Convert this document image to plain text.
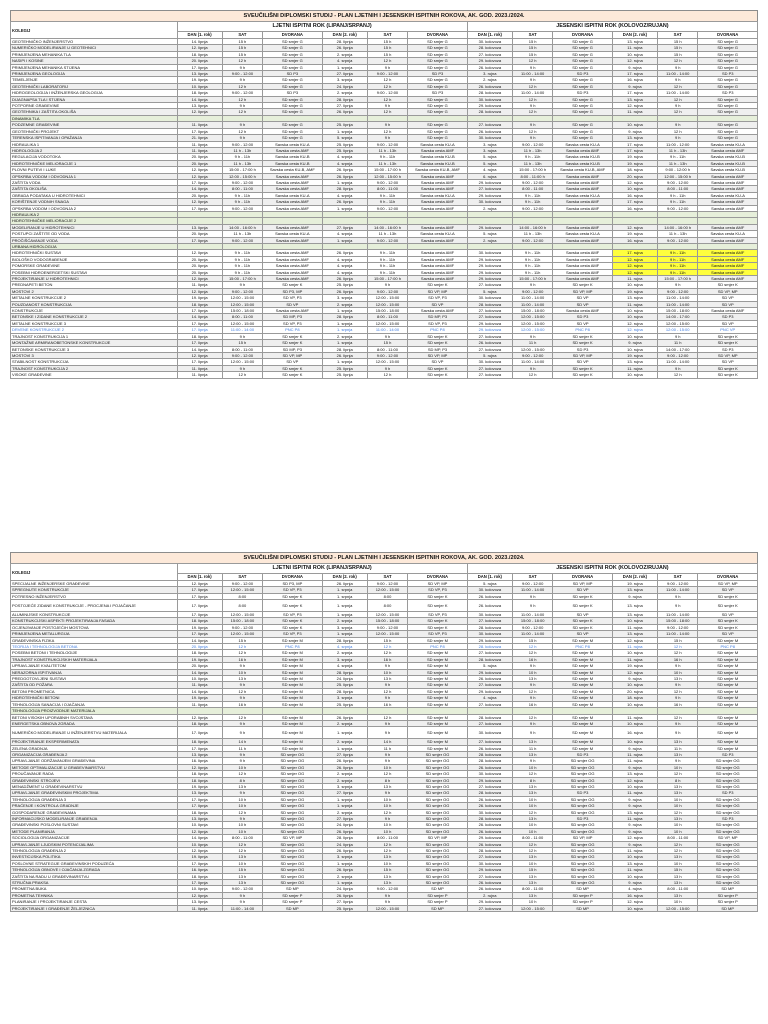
SVEUČILIŠNI DIPLOMSKI STUDIJ - PLAN LJETNIH I JESENSKIH ISPITNIH ROKOVA, AK. GOD. 2023./2024.
KOLEGIJ	LJETNI ISPITNI ROK (LIPANJ/SRPANJ)						JESENSKI ISPITNI ROK (KOLOVOZ/RUJAN)					
	DAN (1. rok)	SAT	DVORANA	DAN (2. rok)	SAT	DVORANA	DAN (1. rok)	SAT	DVORANA	DAN (2. rok)	SAT	DVORANA
GEOTEHNIČKO INŽENJERSTVO	14. lipnja	15 h	SD smjer G	28. lipnja	15 h	SD smjer G	30. kolovoza	15 h	SD smjer G	13. rujna	15 h	SD smjer G
NUMERIČKO MODELIRANJE U GEOTEHNICI	12. lipnja	15 h	SD smjer G	26. lipnja	15 h	SD smjer G	28. kolovoza	15 h	SD smjer G	11. rujna	15 h	SD smjer G
PRIMIJENJENA MEHANIKA TLA	18. lipnja	15 h	SD smjer G	2. srpnja	15 h	SD smjer G	27. kolovoza	15 h	SD smjer G	10. rujna	15 h	SD smjer G
NASIPI I KOSINE	20. lipnja	12 h	SD smjer G	4. srpnja	12 h	SD smjer G	29. kolovoza	12 h	SD smjer G	12. rujna	12 h	SD smjer G
PRIMIJENJENA MEHANIKA STIJENA	17. lipnja	9 h	SD smjer G	1. srpnja	9 h	SD smjer G	26. kolovoza	9 h	SD smjer G	9. rujna	9 h	SD smjer G
PRIMIJENJENA GEOLOGIJA	13. lipnja	9:00 - 12:00	SD P3	27. lipnja	9:00 - 12:00	SD P3	3. rujna	11:00 - 14:00	SD P3	17. rujna	11:00 - 14:00	SD P3
TEMELJENJE	19. lipnja	9 h	SD smjer G	3. srpnja	12 h	SD smjer G	2. rujna	9 h	SD smjer G	16. rujna	9 h	SD smjer G
GEOTEHNIČKI LABORATORIJ	10. lipnja	12 h	SD smjer G	24. lipnja	12 h	SD smjer G	26. kolovoza	12 h	SD smjer G	9. rujna	12 h	SD smjer G
HIDROGEOLOGIJA I INŽENJERSKA GEOLOGIJA	18. lipnja	9:00 - 12:00	SD P3	2. srpnja	9:00 - 12:00	SD P3	28. kolovoza	11:00 - 14:00	SD P3	17. rujna	11:00 - 14:00	SD P3
DIJAGNAPSA TLA I STIJENA	14. lipnja	12 h	SD smjer G	28. lipnja	12 h	SD smjer G	30. kolovoza	12 h	SD smjer G	13. rujna	12 h	SD smjer G
POTPORNE GRAĐEVINE	13. lipnja	9 h	SD smjer G	27. lipnja	9 h	SD smjer G	29. kolovoza	9 h	SD smjer G	12. rujna	9 h	SD smjer G
GEOTEHNIKA I ZAŠTITA OKOLIŠA	12. lipnja	12 h	SD smjer G	26. lipnja	12 h	SD smjer G	28. kolovoza	12 h	SD smjer G	11. rujna	12 h	SD smjer G
DINAMIKA TLA												
PODZEMNE GRAĐEVINE	11. lipnja	9 h	SD smjer G	25. lipnja	9 h	SD smjer G	27. kolovoza	9 h	SD smjer G	10. rujna	9 h	SD smjer G
GEOTEHNIČKI PROJEKT	17. lipnja	12 h	SD smjer G	1. srpnja	12 h	SD smjer G	26. kolovoza	12 h	SD smjer G	9. rujna	12 h	SD smjer G
TERENSKA ISPITIVANJA I OPAŽANJA	21. lipnja	9 h	SD smjer G	5. srpnja	9 h	SD smjer G	30. kolovoza	9 h	SD smjer G	13. rujna	9 h	SD smjer G
HIDRAULIKA 1	11. lipnja	9:00 - 12:00	Savska cesta KU-A	25. lipnja	9:00 - 12:00	Savska cesta KU-A	3. rujna	9:00 - 12:00	Savska cesta KU-A	17. rujna	11:00 - 12:00	Savska cesta KU-A
HIDROLOGIJA 2	11. lipnja	11 h - 13h	Savska cesta AMF	25. lipnja	11 h - 13h	Savska cesta AMF	3. rujna	11 h - 13h	Savska cesta AMF	17. rujna	11 h - 13h	Savska cesta AMF
REGULACIJA VODOTOKA	20. lipnja	9 h - 11h	Savska cesta KU-B	4. srpnja	9 h - 11h	Savska cesta KU-B	5. rujna	9 h - 11h	Savska cesta KU-B	19. rujna	9 h - 11h	Savska cesta KU-B
HIDROTEHNIČKE MELIORACIJE 1	20. lipnja	11 h - 13h	Savska cesta KU-B	4. srpnja	11 h - 13h	Savska cesta KU-B	5. rujna	11 h - 13h	Savska cesta KU-B	19. rujna	11 h - 13h	Savska cesta KU-B
PLOVNI PUTEVI I LUKE	12. lipnja	15:00 - 17:00 h	Savska cesta KU-B, AMF	26. lipnja	15:00 - 17:00 h	Savska cesta KU-B, AMF	4. rujna	15:00 - 17:00 h	Savska cesta KU-B, AMF	18. rujna	9:00 - 12:00 h	Savska cesta KU-B
OPSKRBA VODOM I ODVODNJA 1	12. lipnja	12:00 - 15:00 h	Savska cesta AMF	26. lipnja	12:00 - 15:00 h	Savska cesta AMF	6. rujna	8:00 - 11:00 h	Savska cesta AMF	20. rujna	12:00 - 15:00 h	Savska cesta AMF
ZAŠTITA VODA	17. lipnja	9:00 - 12:00	Savska cesta AMF	1. srpnja	9:00 - 12:00	Savska cesta AMF	29. kolovoza	9:00 - 12:00	Savska cesta AMF	12. rujna	9:00 - 12:00	Savska cesta AMF
ZAŠTITA OKOLIŠA	14. lipnja	8:00 - 11:00	Savska cesta AMF	28. lipnja	8:00 - 11:00	Savska cesta AMF	27. kolovoza	8:00 - 11:00	Savska cesta AMF	10. rujna	8:00 - 11:00	Savska cesta AMF
OBRADA PODATAKA U HIDROTEHNICI	20. lipnja	9 h - 11h	Savska cesta KU-A	4. srpnja	9 h - 11h	Savska cesta KU-A	29. kolovoza	9 h - 11h	Savska cesta KU-A	16. rujna	9 h - 11h	Savska cesta KU-A
KORIŠTENJE VODNIH SNAGA	12. lipnja	9 h - 11h	Savska cesta AMF	26. lipnja	9 h - 11h	Savska cesta AMF	30. kolovoza	9 h - 11h	Savska cesta AMF	17. rujna	9 h - 11h	Savska cesta AMF
OPSKRBA VODOM I ODVODNJA 2	17. lipnja	9:00 - 12:00	Savska cesta AMF	1. srpnja	9:00 - 12:00	Savska cesta AMF	2. rujna	9:00 - 12:00	Savska cesta AMF	16. rujna	9:00 - 12:00	Savska cesta AMF
HIDRAULIKA 2												
HIDROTEHNIČKE MELIORACIJE 2												
MODELIRANJE U HIDROTEHNICI	13. lipnja	14:00 - 16:00 h	Savska cesta AMF	27. lipnja	14:00 - 16:00 h	Savska cesta AMF	29. kolovoza	14:00 - 16:00 h	Savska cesta AMF	12. rujna	14:00 - 16:00 h	Savska cesta AMF
POSTUPCI ZAŠTITE OD VODA	20. lipnja	11 h - 13h	Savska cesta KU-A	4. srpnja	11 h - 13h	Savska cesta KU-A	5. rujna	11 h - 13h	Savska cesta KU-A	19. rujna	11 h - 13h	Savska cesta KU-A
PROČIŠĆAVANJE VODA	17. lipnja	9:00 - 12:00	Savska cesta AMF	1. srpnja	9:00 - 12:00	Savska cesta AMF	2. rujna	9:00 - 12:00	Savska cesta AMF	16. rujna	9:00 - 12:00	Savska cesta AMF
URBANA HIDROLOGIJA												
HIDROTEHNIČKI SUSTAVI	12. lipnja	9 h - 11h	Savska cesta AMF	26. lipnja	9 h - 11h	Savska cesta AMF	30. kolovoza	9 h - 11h	Savska cesta AMF	17. rujna	9 h - 11h	Savska cesta AMF
BIOLOŠKO VODOGRAĐENJE	20. lipnja	9 h - 11h	Savska cesta AMF	4. srpnja	9 h - 11h	Savska cesta AMF	29. kolovoza	9 h - 11h	Savska cesta AMF	12. rujna	9 h - 11h	Savska cesta AMF
POMORSKE GRAĐEVINE	20. lipnja	9 h - 11h	Savska cesta AMF	4. srpnja	9 h - 11h	Savska cesta AMF	29. kolovoza	9 h - 11h	Savska cesta AMF	12. rujna	9 h - 11h	Savska cesta AMF
POSEBNI HIDROENERGETSKI SUSTAVI	20. lipnja	9 h - 11h	Savska cesta AMF	4. srpnja	9 h - 11h	Savska cesta AMF	29. kolovoza	9 h - 11h	Savska cesta AMF	12. rujna	9 h - 11h	Savska cesta AMF
PROJEKTIRANJE U HIDROTEHNICI	12. lipnja	15:00 - 17:00 h	Savska cesta AMF	26. lipnja	15:00 - 17:00 h	Savska cesta AMF	29. kolovoza	15:00 - 17:00 h	Savska cesta AMF	11. rujna	15:00 - 17:00 h	Savska cesta AMF
PREDNAPETI BETON	11. lipnja	9 h	SD smjer K	25. lipnja	9 h	SD smjer K	27. kolovoza	9 h	SD smjer K	10. rujna	9 h	SD smjer K
MOSTOVI 2	12. lipnja	9:00 - 12:00	SD P3, MP	26. lipnja	9:00 - 12:00	SD VP, MP	5. rujna	9:00 - 12:00	SD VP, MP	19. rujna	9:00 - 12:00	SD VP, MP
METALNE KONSTRUKCIJE 2	19. lipnja	12:00 - 15:00	SD VP, P3	3. srpnja	12:00 - 15:00	SD VP, P3	30. kolovoza	11:00 - 14:00	SD VP	13. rujna	11:00 - 14:00	SD VP
POUZDANOST KONSTRUKCIJA	18. lipnja	12:00 - 15:00	SD VP	2. srpnja	12:00 - 15:00	SD VP	28. kolovoza	11:00 - 14:00	SD VP	11. rujna	11:00 - 14:00	SD VP
KONSTRUKCIJE	17. lipnja	15:00 - 18:00	Savska cesta AMF	1. srpnja	15:00 - 18:00	Savska cesta AMF	27. kolovoza	15:00 - 18:00	Savska cesta AMF	10. rujna	15:00 - 18:00	Savska cesta AMF
BETONSKE I ZIDANE KONSTRUKCIJE 2	14. lipnja	8:00 - 11:00	SD MP, P3	28. lipnja	8:00 - 11:00	SD MP, P3	27. kolovoza	12:00 - 15:00	SD P3	10. rujna	14:00 - 17:00	SD P3
METALNE KONSTRUKCIJE 3	17. lipnja	12:00 - 15:00	SD VP, P3	1. srpnja	12:00 - 15:00	SD VP, P3	29. kolovoza	12:00 - 15:00	SD VP	12. rujna	12:00 - 15:00	SD VP
DRVENE KONSTRUKCIJE 2	17. lipnja	11:00 - 14:00	PNC P8	1. srpnja	11:00 - 14:00	PNC P8	29. kolovoza	12:00 - 15:00	PNC P8	12. rujna	12:00 - 15:00	PNC VP
TRAJNOST KONSTRUKCIJA 1	18. lipnja	9 h	SD smjer K	2. srpnja	9 h	SD smjer K	27. kolovoza	9 h	SD smjer K	10. rujna	9 h	SD smjer K
MONTAŽNE ARMIRANOBETONSKE KONSTRUKCIJE	17. lipnja	15 h	SD smjer K	1. srpnja	15 h	SD smjer K	26. kolovoza	11 h	SD smjer K	9. rujna	11 h	SD smjer K
BETONSKE KONSTRUKCIJE 3	14. lipnja	8:00 - 11:00	SD MP, P3	28. lipnja	8:00 - 11:00	SD MP, P3	27. kolovoza	12:00 - 15:00	SD P3	10. rujna	14:00 - 17:00	SD P3
MOSTOVI 3	12. lipnja	9:00 - 12:00	SD VP, MP	26. lipnja	9:00 - 12:00	SD VP, MP	5. rujna	9:00 - 12:00	SD VP, MP	19. rujna	9:00 - 12:00	SD VP, MP
STABILNOST KONSTRUKCIJA	17. lipnja	12:00 - 15:00	SD VP	1. srpnja	12:00 - 15:00	SD VP	30. kolovoza	11:00 - 14:00	SD VP	13. rujna	11:00 - 14:00	SD VP
TRAJNOST KONSTRUKCIJA 2	11. lipnja	9 h	SD smjer K	25. lipnja	9 h	SD smjer K	27. kolovoza	9 h	SD smjer K	11. rujna	9 h	SD smjer K
VISOKE GRAĐEVINE	11. lipnja	12 h	SD smjer K	25. lipnja	12 h	SD smjer K	27. kolovoza	12 h	SD smjer K	10. rujna	12 h	SD smjer K
SVEUČILIŠNI DIPLOMSKI STUDIJ - PLAN LJETNIH I JESENSKIH ISPITNIH ROKOVA, AK. GOD. 2023./2024.
KOLEGIJ	LJETNI ISPITNI ROK (LIPANJ/SRPANJ)						JESENSKI ISPITNI ROK (KOLOVOZ/RUJAN)					
	DAN (1. rok)	SAT	DVORANA	DAN (2. rok)	SAT	DVORANA	DAN (1. rok)	SAT	DVORANA	DAN (2. rok)	SAT	DVORANA
SPECIJALNE INŽENJERSKE GRAĐEVINE	12. lipnja	9:00 - 12:00	SD P3, MP	26. lipnja	9:00 - 12:00	SD VP, MP	5. rujna	9:00 - 12:00	SD VP, MP	19. rujna	9:00 - 12:00	SD VP, MP
SPREGNUTE KONSTRUKCIJE	17. lipnja	12:00 - 15:00	SD VP, P3	1. srpnja	12:00 - 15:00	SD VP, P3	30. kolovoza	11:00 - 14:00	SD VP	13. rujna	11:00 - 14:00	SD VP
POTRESNO INŽENJERSTVO	17. lipnja	8:00	SD smjer K	1. srpnja	8:00	SD smjer K	26. kolovoza	9 h	SD smjer K	9. rujna	9 h	SD smjer K
POSTOJEĆE ZIDANE KONSTRUKCIJE - PROCJENA I POJAČANJE	17. lipnja	8:00	SD smjer K	1. srpnja	8:00	SD smjer K	26. kolovoza	9 h	SD smjer K	13. rujna	9 h	SD smjer K
ALUMINIJSKE KONSTRUKCIJE	17. lipnja	12:00 - 15:00	SD VP, P3	1. srpnja	12:00 - 15:00	SD VP, P3	30. kolovoza	11:00 - 14:00	SD VP	13. rujna	11:00 - 14:00	SD VP
KONSTRUKCIJSKI ASPEKTI PROJEKTIRANJA FASADA	18. lipnja	15:00 - 18:00	SD smjer K	2. srpnja	15:00 - 18:00	SD smjer K	27. kolovoza	15:00 - 18:00	SD smjer K	10. rujna	15:00 - 18:00	SD smjer K
OCJENJIVANJE POSTOJEĆIH MOSTOVA	19. lipnja	9:00 - 12:00	SD smjer K	3. srpnja	9:00 - 12:00	SD smjer K	28. kolovoza	9:00 - 12:00	SD smjer K	11. rujna	9:00 - 12:00	SD smjer K
PRIMIJENJENA METALURGIJA	17. lipnja	12:00 - 15:00	SD VP, P3	1. srpnja	12:00 - 15:00	SD VP, P3	30. kolovoza	11:00 - 14:00	SD VP	13. rujna	11:00 - 14:00	SD VP
GRAĐEVINSKA FIZIKA	14. lipnja	15 h	SD smjer M	28. lipnja	15 h	SD smjer M	29. kolovoza	15 h	SD smjer M	12. rujna	15 h	SD smjer M
TEORIJA I TEHNOLOGIJA BETONA	20. lipnja	12 h	PNC P8	4. srpnja	12 h	PNC P8	28. kolovoza	12 h	PNC P8	11. rujna	12 h	PNC P8
POSEBNI BETONI I TEHNOLOGIJE	18. lipnja	12 h	SD smjer M	2. srpnja	12 h	SD smjer M	27. kolovoza	12 h	SD smjer M	10. rujna	12 h	SD smjer M
TRAJNOST KONSTRUKCIJSKIH MATERIJALA	19. lipnja	16 h	SD smjer M	3. srpnja	16 h	SD smjer M	28. kolovoza	16 h	SD smjer M	11. rujna	16 h	SD smjer M
UPRAVLJANJE KVALITETOM	20. lipnja	9 h	SD smjer M	4. srpnja	9 h	SD smjer M	5. rujna	9 h	SD smjer M	19. rujna	9 h	SD smjer M
NERAZORNA ISPITIVANJA	14. lipnja	10 h	SD smjer M	28. lipnja	10 h	SD smjer M	29. kolovoza	10 h	SD smjer M	12. rujna	10 h	SD smjer M
PREDGOTOVLJENI SUSTAVI	10. lipnja	13 h	SD smjer M	24. lipnja	13 h	SD smjer M	26. kolovoza	13 h	SD smjer M	9. rujna	13 h	SD smjer M
ZAŠTITA OD POŽARA	11. lipnja	9 h	SD smjer M	25. lipnja	9 h	SD smjer M	27. kolovoza	9 h	SD smjer M	10. rujna	9 h	SD smjer M
BETONI PROMETNICA	14. lipnja	12 h	SD smjer M	28. lipnja	12 h	SD smjer M	29. kolovoza	12 h	SD smjer M	20. rujna	12 h	SD smjer M
HIDROTEHNIČKI BETONI	19. lipnja	9 h	SD smjer M	3. srpnja	9 h	SD smjer M	4. rujna	9 h	SD smjer M	18. rujna	9 h	SD smjer M
TEHNOLOGIJA SANACIJA I OJAČANJA	11. lipnja	16 h	SD smjer M	25. lipnja	16 h	SD smjer M	27. kolovoza	16 h	SD smjer M	10. rujna	16 h	SD smjer M
TEHNOLOGIJA PROIZVODNJE MATERIJALA												
BETONI VISOKIH UPORABNIH SVOJSTAVA	12. lipnja	12 h	SD smjer M	26. lipnja	12 h	SD smjer M	28. kolovoza	12 h	SD smjer M	11. rujna	12 h	SD smjer M
ENERGETSKA OBNOVA ZGRADA	18. lipnja	9 h	SD smjer M	2. srpnja	9 h	SD smjer M	27. kolovoza	9 h	SD smjer M	10. rujna	9 h	SD smjer M
NUMERIČKO MODELIRANJE U INŽENJERSTVU MATERIJALA	17. lipnja	9 h	SD smjer M	1. srpnja	9 h	SD smjer M	30. kolovoza	9 h	SD smjer M	16. rujna	9 h	SD smjer M
PROJEKTIRANJE EKSPERIMENATA	18. lipnja	14 h	SD smjer M	2. srpnja	14 h	SD smjer M	27. kolovoza	13 h	SD smjer M	10. rujna	13 h	SD smjer M
ZELENA GRADNJA	17. lipnja	11 h	SD smjer M	1. srpnja	11 h	SD smjer M	26. kolovoza	11 h	SD smjer M	9. rujna	11 h	SD smjer M
ORGANIZACIJA GRAĐENJA 2	13. lipnja	9 h	SD smjer OG	27. lipnja	9 h	SD smjer OG	28. kolovoza	13 h	SD P3	11. rujna	13 h	SD P3
UPRAVLJANJE ODRŽAVANJEM GRAĐEVINA	16. lipnja	9 h	SD smjer OG	26. lipnja	9 h	SD smjer OG	28. kolovoza	9 h	SD smjer OG	11. rujna	9 h	SD smjer OG
METODE OPTIMALIZACIJE U GRAĐEVINARSTVU	12. lipnja	10 h	SD smjer OG	26. lipnja	10 h	SD smjer OG	26. kolovoza	10 h	SD smjer OG	9. rujna	10 h	SD smjer OG
PROUČAVANJE RADA	18. lipnja	12 h	SD smjer OG	2. srpnja	12 h	SD smjer OG	30. kolovoza	12 h	SD smjer OG	13. rujna	12 h	SD smjer OG
GRAĐEVINSKI STROJEVI	18. lipnja	8 h	SD smjer OG	2. srpnja	8 h	SD smjer OG	29. kolovoza	8 h	SD smjer OG	12. rujna	8 h	SD smjer OG
MENADŽMENT U GRAĐEVINARSTVU	19. lipnja	13 h	SD smjer OG	3. srpnja	13 h	SD smjer OG	27. kolovoza	13 h	SD smjer OG	10. rujna	13 h	SD smjer OG
UPRAVLJANJE GRAĐEVINSKIM PROJEKTIMA	13. lipnja	9 h	SD smjer OG	27. lipnja	9 h	SD smjer OG	28. kolovoza	13 h	SD P3	11. rujna	13 h	SD P3
TEHNOLOGIJA GRAĐENJA 3	17. lipnja	10 h	SD smjer OG	1. srpnja	10 h	SD smjer OG	26. kolovoza	10 h	SD smjer OG	9. rujna	10 h	SD smjer OG
PRAĆENJE I KONTROLA GRADNJE	17. lipnja	10 h	SD smjer OG	1. srpnja	10 h	SD smjer OG	26. kolovoza	10 h	SD smjer OG	9. rujna	10 h	SD smjer OG
GOSPODARENJE GRAĐEVINAMA	18. lipnja	12 h	SD smjer OG	2. srpnja	12 h	SD smjer OG	30. kolovoza	12 h	SD smjer OG	13. rujna	12 h	SD smjer OG
INFORMACIJSKO MODELIRANJE GRAĐENJA	13. lipnja	9 h	SD smjer OG	27. lipnja	9 h	SD smjer OG	28. kolovoza	13 h	SD P3	11. rujna	13 h	SD P3
GRAĐEVINSKI POSLOVNI SUSTAVI	10. lipnja	10 h	SD smjer OG	24. lipnja	10 h	SD smjer OG	26. kolovoza	10 h	SD smjer OG	9. rujna	10 h	SD smjer OG
METODE PLANIRANJA	12. lipnja	10 h	SD smjer OG	26. lipnja	10 h	SD smjer OG	26. kolovoza	10 h	SD smjer OG	9. rujna	10 h	SD smjer OG
SOCIOLOGIJA ORGANIZACIJE	14. lipnja	8:00 - 11:00	SD VP, MP	28. lipnja	8:00 - 11:00	SD VP, MP	29. kolovoza	8:00 - 11:00	SD VP, MP	12. rujna	8:00 - 11:00	SD VP, MP
UPRAVLJANJE LJUDSKIM POTENCIJALIMA	10. lipnja	12 h	SD smjer OG	24. lipnja	12 h	SD smjer OG	26. kolovoza	12 h	SD smjer OG	9. rujna	12 h	SD smjer OG
TEHNOLOGIJA GRAĐENJA 2	12. lipnja	12 h	SD smjer OG	26. lipnja	12 h	SD smjer OG	28. kolovoza	12 h	SD smjer OG	11. rujna	12 h	SD smjer OG
INVESTICIJSKA POLITIKA	19. lipnja	13 h	SD smjer OG	3. srpnja	13 h	SD smjer OG	27. kolovoza	13 h	SD smjer OG	10. rujna	13 h	SD smjer OG
POSLOVNE STRATEGIJE GRAĐEVINSKIH PODUZEĆA	17. lipnja	10 h	SD smjer OG	1. srpnja	10 h	SD smjer OG	30. kolovoza	10 h	SD smjer OG	13. rujna	10 h	SD smjer OG
TEHNOLOGIJA OBNOVE I OJAČANJA ZGRADA	16. lipnja	15 h	SD smjer OG	26. lipnja	15 h	SD smjer OG	29. kolovoza	15 h	SD smjer OG	11. rujna	15 h	SD smjer OG
ZAŠTITA NA RADU U GRAĐEVINARSTVU	18. lipnja	13 h	SD smjer OG	2. srpnja	13 h	SD smjer OG	27. kolovoza	13 h	SD smjer OG	10. rujna	13 h	SD smjer OG
STRUČNA PRAKSA	17. lipnja	13 h	SD smjer OG	1. srpnja	13 h	SD smjer OG	26. kolovoza	13 h	SD smjer OG	9. rujna	13 h	SD smjer OG
PROMETNA BUKA	10. lipnja	9:00 - 12:00	SD MP	24. lipnja	9:00 - 12:00	SD MP	26. kolovoza	8:00 - 11:00	SD MP	4. rujna	8:00 - 11:00	SD MP
PROMETNA TEHNIKA	12. lipnja	9 h	SD smjer P	26. lipnja	9 h	SD smjer P	2. rujna	13 h	SD smjer P	16. rujna	13 h	SD smjer P
PLANIRANJE I PROJEKTIRANJE CESTA	13. lipnja	9 h	SD smjer P	27. lipnja	9 h	SD smjer P	29. kolovoza	10 h	SD smjer P	12. rujna	10 h	SD smjer P
PROJEKTIRANJE I GRAĐENJE ŽELJEZNICA	11. lipnja	11:00 - 14:00	SD MP	25. lipnja	12:00 - 15:00	SD MP	27. kolovoza	12:00 - 15:00	SD MP	10. rujna	12:00 - 15:00	SD MP
